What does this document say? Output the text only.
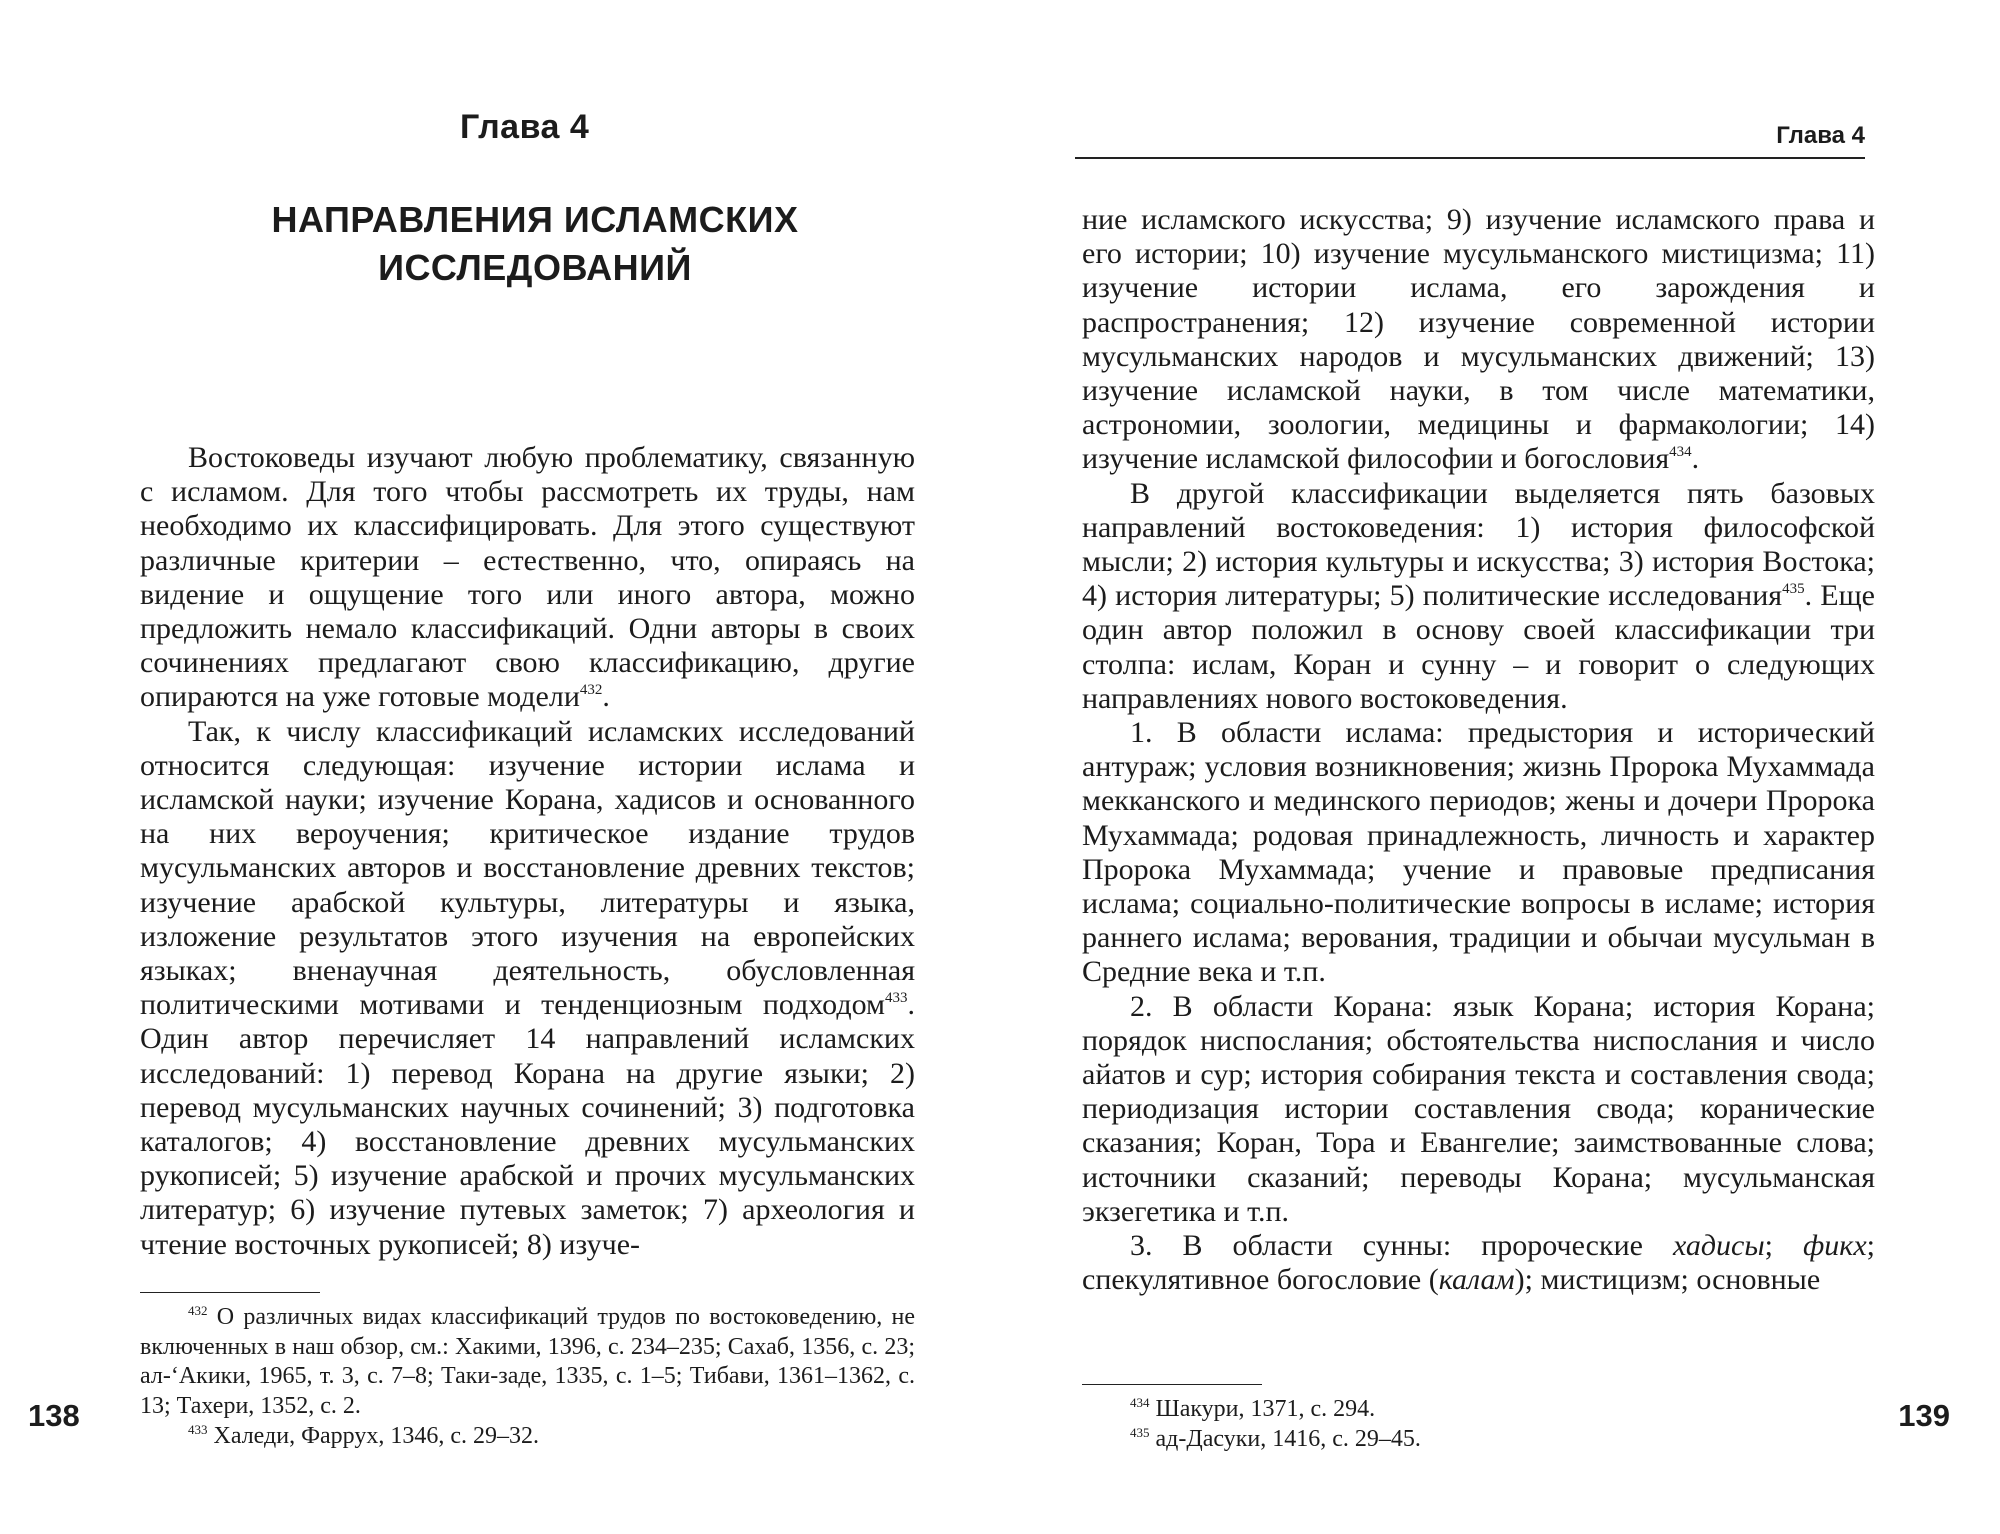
Глава 4
НАПРАВЛЕНИЯ ИСЛАМСКИХ
ИССЛЕДОВАНИЙ

Востоковеды изучают любую проблематику, связанную с исламом. Для того чтобы рассмотреть их труды, нам необходимо их классифицировать. Для этого существуют различные критерии – естественно, что, опираясь на видение и ощущение того или иного автора, можно предложить немало классификаций. Одни авторы в своих сочинениях предлагают свою классификацию, другие опираются на уже готовые модели$^{432}$.

Так, к числу классификаций исламских исследований относится следующая: изучение истории ислама и исламской науки; изучение Корана, хадисов и основанного на них вероучения; критическое издание трудов мусульманских авторов и восстановление древних текстов; изучение арабской культуры, литературы и языка, изложение результатов этого изучения на европейских языках; вненаучная деятельность, обусловленная политическими мотивами и тенденциозным подходом$^{433}$. Один автор перечисляет 14 направлений исламских исследований: 1) перевод Корана на другие языки; 2) перевод мусульманских научных сочинений; 3) подготовка каталогов; 4) восстановление древних мусульманских рукописей; 5) изучение арабской и прочих мусульманских литератур; 6) изучение путевых заметок; 7) археология и чтение восточных рукописей; 8) изуче-

$^{432}$ О различных видах классификаций трудов по востоковедению, не включенных в наш обзор, см.: Хакими, 1396, с. 234–235; Сахаб, 1356, с. 23; ал-‘Акики, 1965, т. 3, с. 7–8; Таки-заде, 1335, с. 1–5; Тибави, 1361–1362, с. 13; Тахери, 1352, с. 2.

$^{433}$ Халеди, Фаррух, 1346, с. 29–32.

138
Глава 4

ние исламского искусства; 9) изучение исламского права и его истории; 10) изучение мусульманского мистицизма; 11) изучение истории ислама, его зарождения и распространения; 12) изучение современной истории мусульманских народов и мусульманских движений; 13) изучение исламской науки, в том числе математики, астрономии, зоологии, медицины и фармакологии; 14) изучение исламской философии и богословия$^{434}$.

В другой классификации выделяется пять базовых направлений востоковедения: 1) история философской мысли; 2) история культуры и искусства; 3) история Востока; 4) история литературы; 5) политические исследования$^{435}$. Еще один автор положил в основу своей классификации три столпа: ислам, Коран и сунну – и говорит о следующих направлениях нового востоковедения.

1. В области ислама: предыстория и исторический антураж; условия возникновения; жизнь Пророка Мухаммада мекканского и мединского периодов; жены и дочери Пророка Мухаммада; родовая принадлежность, личность и характер Пророка Мухаммада; учение и правовые предписания ислама; социально-политические вопросы в исламе; история раннего ислама; верования, традиции и обычаи мусульман в Средние века и т.п.

2. В области Корана: язык Корана; история Корана; порядок ниспослания; обстоятельства ниспослания и число айатов и сур; история собирания текста и составления свода; периодизация истории составления свода; коранические сказания; Коран, Тора и Евангелие; заимствованные слова; источники сказаний; переводы Корана; мусульманская экзегетика и т.п.

3. В области сунны: пророческие хадисы; фикх; спекулятивное богословие (калам); мистицизм; основные

$^{434}$ Шакури, 1371, с. 294.

$^{435}$ ад-Дасуки, 1416, с. 29–45.

139
